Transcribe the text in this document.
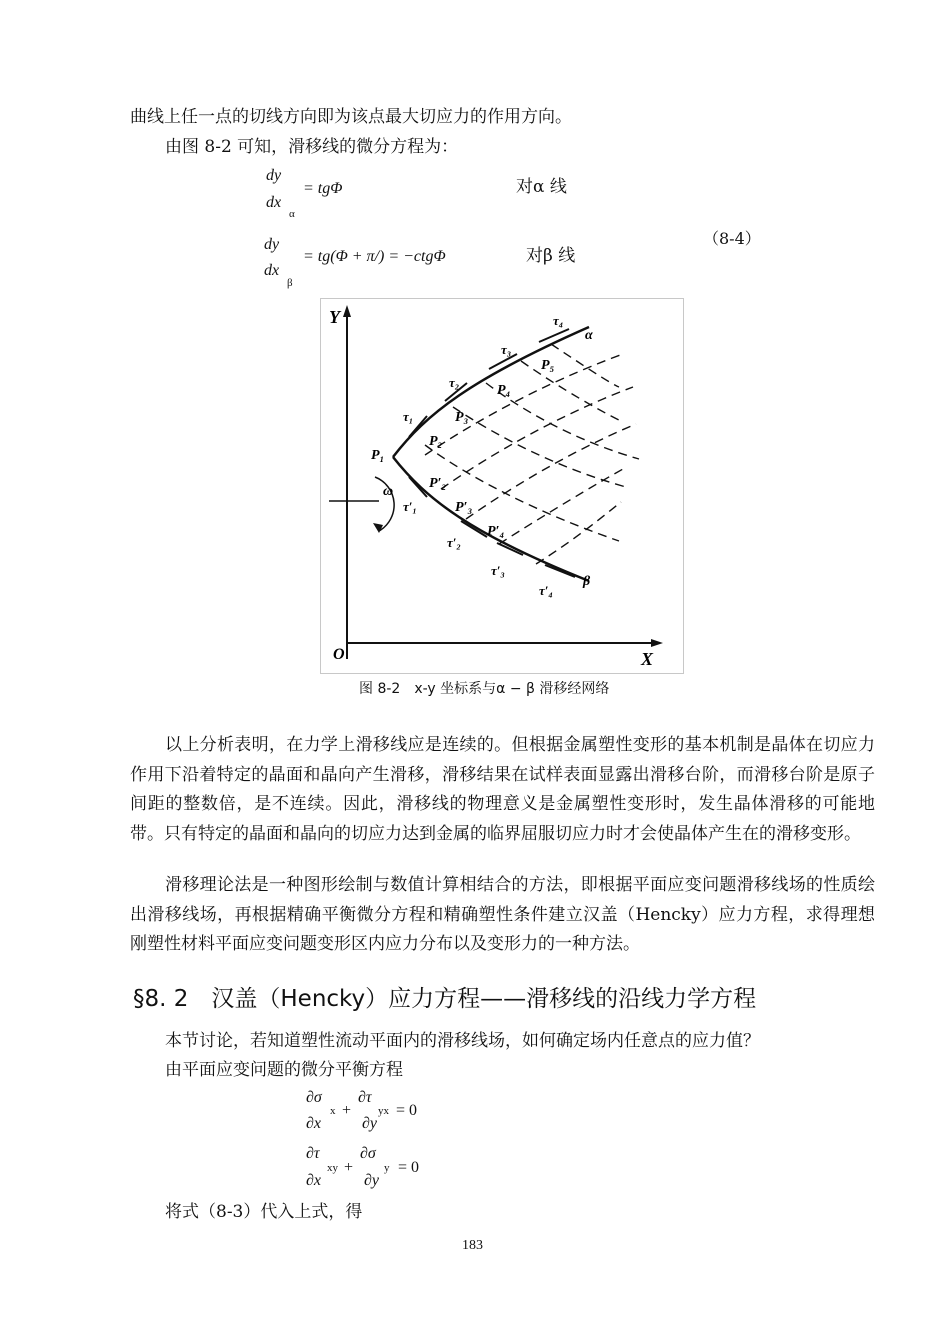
曲线上任一点的切线方向即为该点最大切应力的作用方向。

由图 8-2 可知，滑移线的微分方程为：

dy
dx
α
= tgΦ	对α 线
dy
dx
β
= tg(Φ + π/) = −ctgΦ	对β 线
（8-4）
Y
X
O
ω
P₁
P₂
P₃
P₄
P₅
P′₂
P′₃
P′₄
τ₁
τ₂
τ₃
τ₄
α
τ′₁
τ′₂
τ′₃
τ′₄
β
图 8-2　x-y 坐标系与α − β 滑移经网络

以上分析表明，在力学上滑移线应是连续的。但根据金属塑性变形的基本机制是晶体在切应力作用下沿着特定的晶面和晶向产生滑移，滑移结果在试样表面显露出滑移台阶，而滑移台阶是原子间距的整数倍，是不连续。因此，滑移线的物理意义是金属塑性变形时，发生晶体滑移的可能地带。只有特定的晶面和晶向的切应力达到金属的临界屈服切应力时才会使晶体产生在的滑移变形。

滑移理论法是一种图形绘制与数值计算相结合的方法，即根据平面应变问题滑移线场的性质绘出滑移线场，再根据精确平衡微分方程和精确塑性条件建立汉盖（Hencky）应力方程，求得理想刚塑性材料平面应变问题变形区内应力分布以及变形力的一种方法。

§8. 2　汉盖（Hencky）应力方程——滑移线的沿线力学方程

本节讨论，若知道塑性流动平面内的滑移线场，如何确定场内任意点的应力值？

由平面应变问题的微分平衡方程

∂σ
x
∂x
+
∂τ
yx
∂y
= 0
∂τ
xy
∂x
+
∂σ
y
∂y
= 0

将式（8-3）代入上式，得

183
